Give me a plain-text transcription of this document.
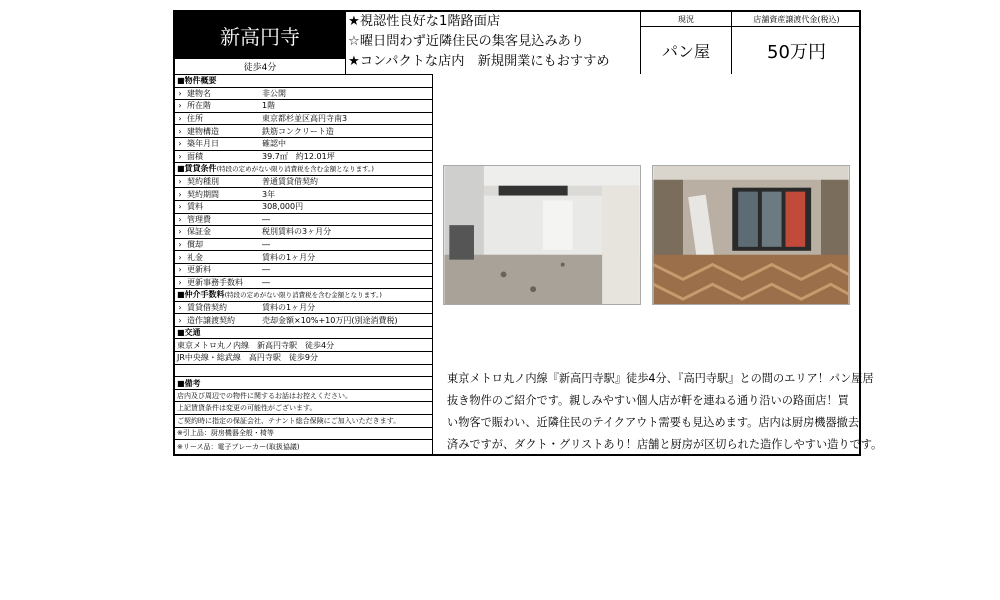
新高円寺
徒歩4分
★視認性良好な1階路面店
☆曜日問わず近隣住民の集客見込みあり
★コンパクトな店内　新規開業にもおすすめ
現況
パン屋
店舗資産譲渡代金(税込)
50万円
■物件概要
› 建物名	非公開
› 所在階	1階
› 住所	東京都杉並区高円寺南3
› 建物構造	鉄筋コンクリート造
› 築年月日	確認中
› 面積	39.7㎡　約12.01坪
■賃貸条件 (特段の定めがない限り消費税を含む金額となります。)
› 契約種別	普通賃貸借契約
› 契約期間	3年
› 賃料	308,000円
› 管理費	―
› 保証金	税別賃料の3ヶ月分
› 償却	―
› 礼金	賃料の1ヶ月分
› 更新料	―
› 更新事務手数料	―
■仲介手数料 (特段の定めがない限り消費税を含む金額となります。)
› 賃貸借契約	賃料の1ヶ月分
› 造作譲渡契約	売却金額×10%+10万円(別途消費税)
■交通
東京メトロ丸ノ内線　新高円寺駅　徒歩4分
JR中央線・総武線　高円寺駅　徒歩9分
■備考
店内及び周辺での物件に関するお話はお控えください。
上記賃貸条件は変更の可能性がございます。
ご契約時に指定の保証会社、テナント総合保険にご加入いただきます。
※引上品：厨房機器全般・椅等
※リース品：電子ブレーカー(取扱協議)
東京メトロ丸ノ内線『新高円寺駅』徒歩4分、『高円寺駅』との間のエリア！パン屋居
抜き物件のご紹介です。親しみやすい個人店が軒を連ねる通り沿いの路面店！買
い物客で賑わい、近隣住民のテイクアウト需要も見込めます。店内は厨房機器撤去
済みですが、ダクト・グリストあり！店舗と厨房が区切られた造作しやすい造りです。
